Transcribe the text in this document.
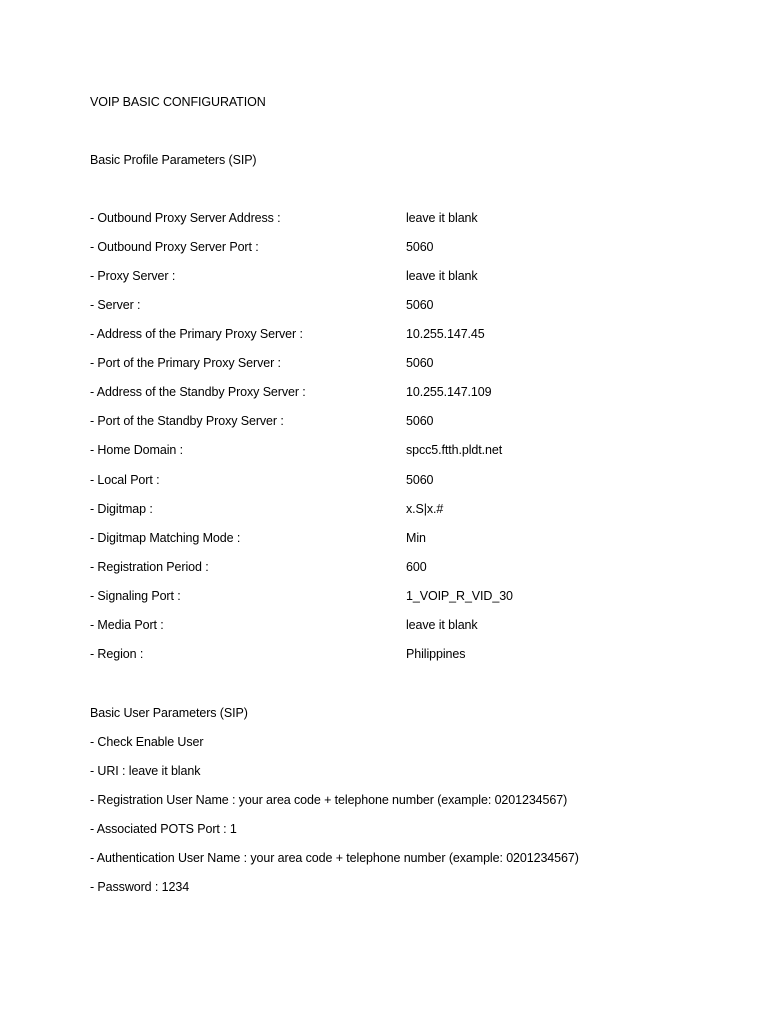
VOIP BASIC CONFIGURATION
Basic Profile Parameters (SIP)
- Outbound Proxy Server Address :	leave it blank
- Outbound Proxy Server Port :	5060
- Proxy Server :	leave it blank
- Server :	5060
- Address of the Primary Proxy Server :	10.255.147.45
- Port of the Primary Proxy Server :	5060
- Address of the Standby Proxy Server :	10.255.147.109
- Port of the Standby Proxy Server :	5060
- Home Domain :	spcc5.ftth.pldt.net
- Local Port :	5060
- Digitmap :	x.S|x.#
- Digitmap Matching Mode :	Min
- Registration Period :	600
- Signaling Port :	1_VOIP_R_VID_30
- Media Port :	leave it blank
- Region :	Philippines
Basic User Parameters (SIP)
- Check Enable User
- URI : leave it blank
- Registration User Name : your area code + telephone number (example: 0201234567)
- Associated POTS Port : 1
- Authentication User Name : your area code + telephone number (example: 0201234567)
- Password : 1234
